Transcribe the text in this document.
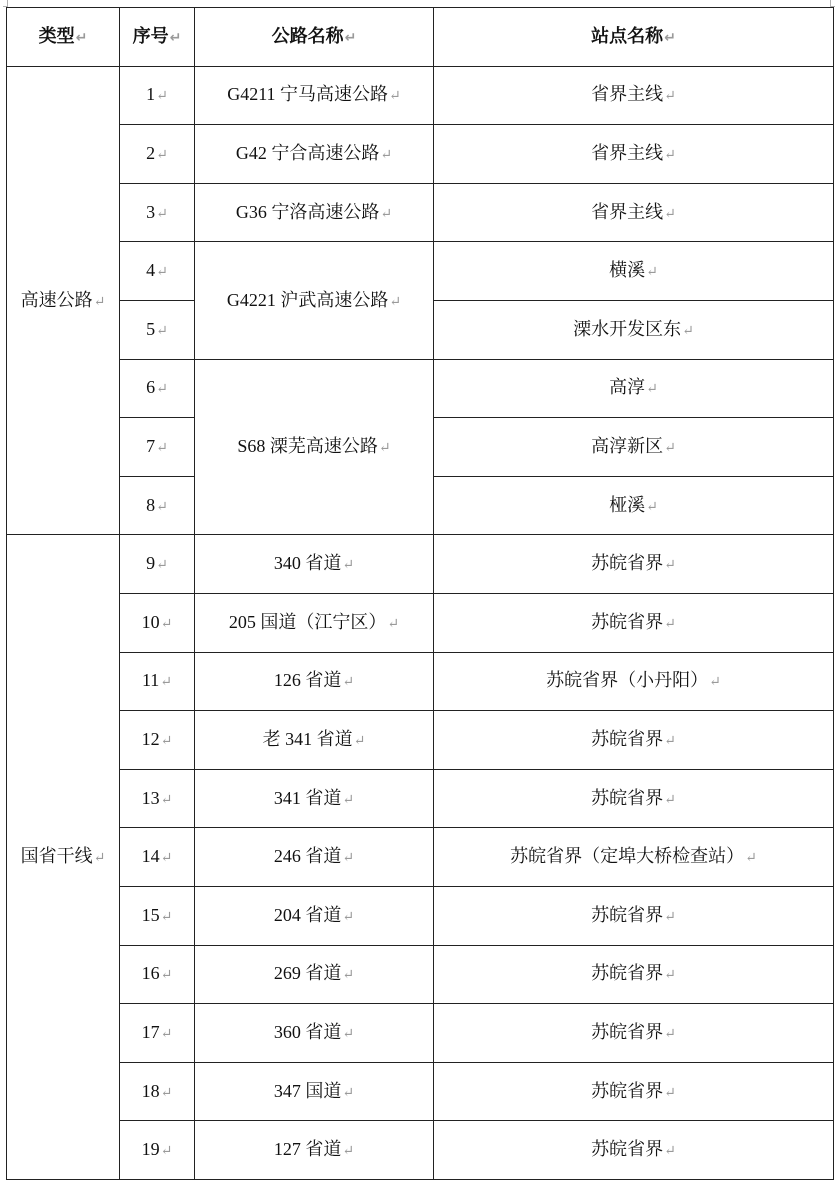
类型↵	序号↵	公路名称↵	站点名称↵
高速公路↵	1↵	G4211 宁马高速公路↵	省界主线↵
	2↵	G42 宁合高速公路↵	省界主线↵
	3↵	G36 宁洛高速公路↵	省界主线↵
	4↵	G4221 沪武高速公路↵	横溪↵
	5↵		溧水开发区东↵
	6↵	S68 溧芜高速公路↵	高淳↵
	7↵		高淳新区↵
	8↵		桠溪↵
国省干线↵	9↵	340 省道↵	苏皖省界↵
	10↵	205 国道（江宁区）↵	苏皖省界↵
	11↵	126 省道↵	苏皖省界（小丹阳）↵
	12↵	老 341 省道↵	苏皖省界↵
	13↵	341 省道↵	苏皖省界↵
	14↵	246 省道↵	苏皖省界（定埠大桥检查站）↵
	15↵	204 省道↵	苏皖省界↵
	16↵	269 省道↵	苏皖省界↵
	17↵	360 省道↵	苏皖省界↵
	18↵	347 国道↵	苏皖省界↵
	19↵	127 省道↵	苏皖省界↵
